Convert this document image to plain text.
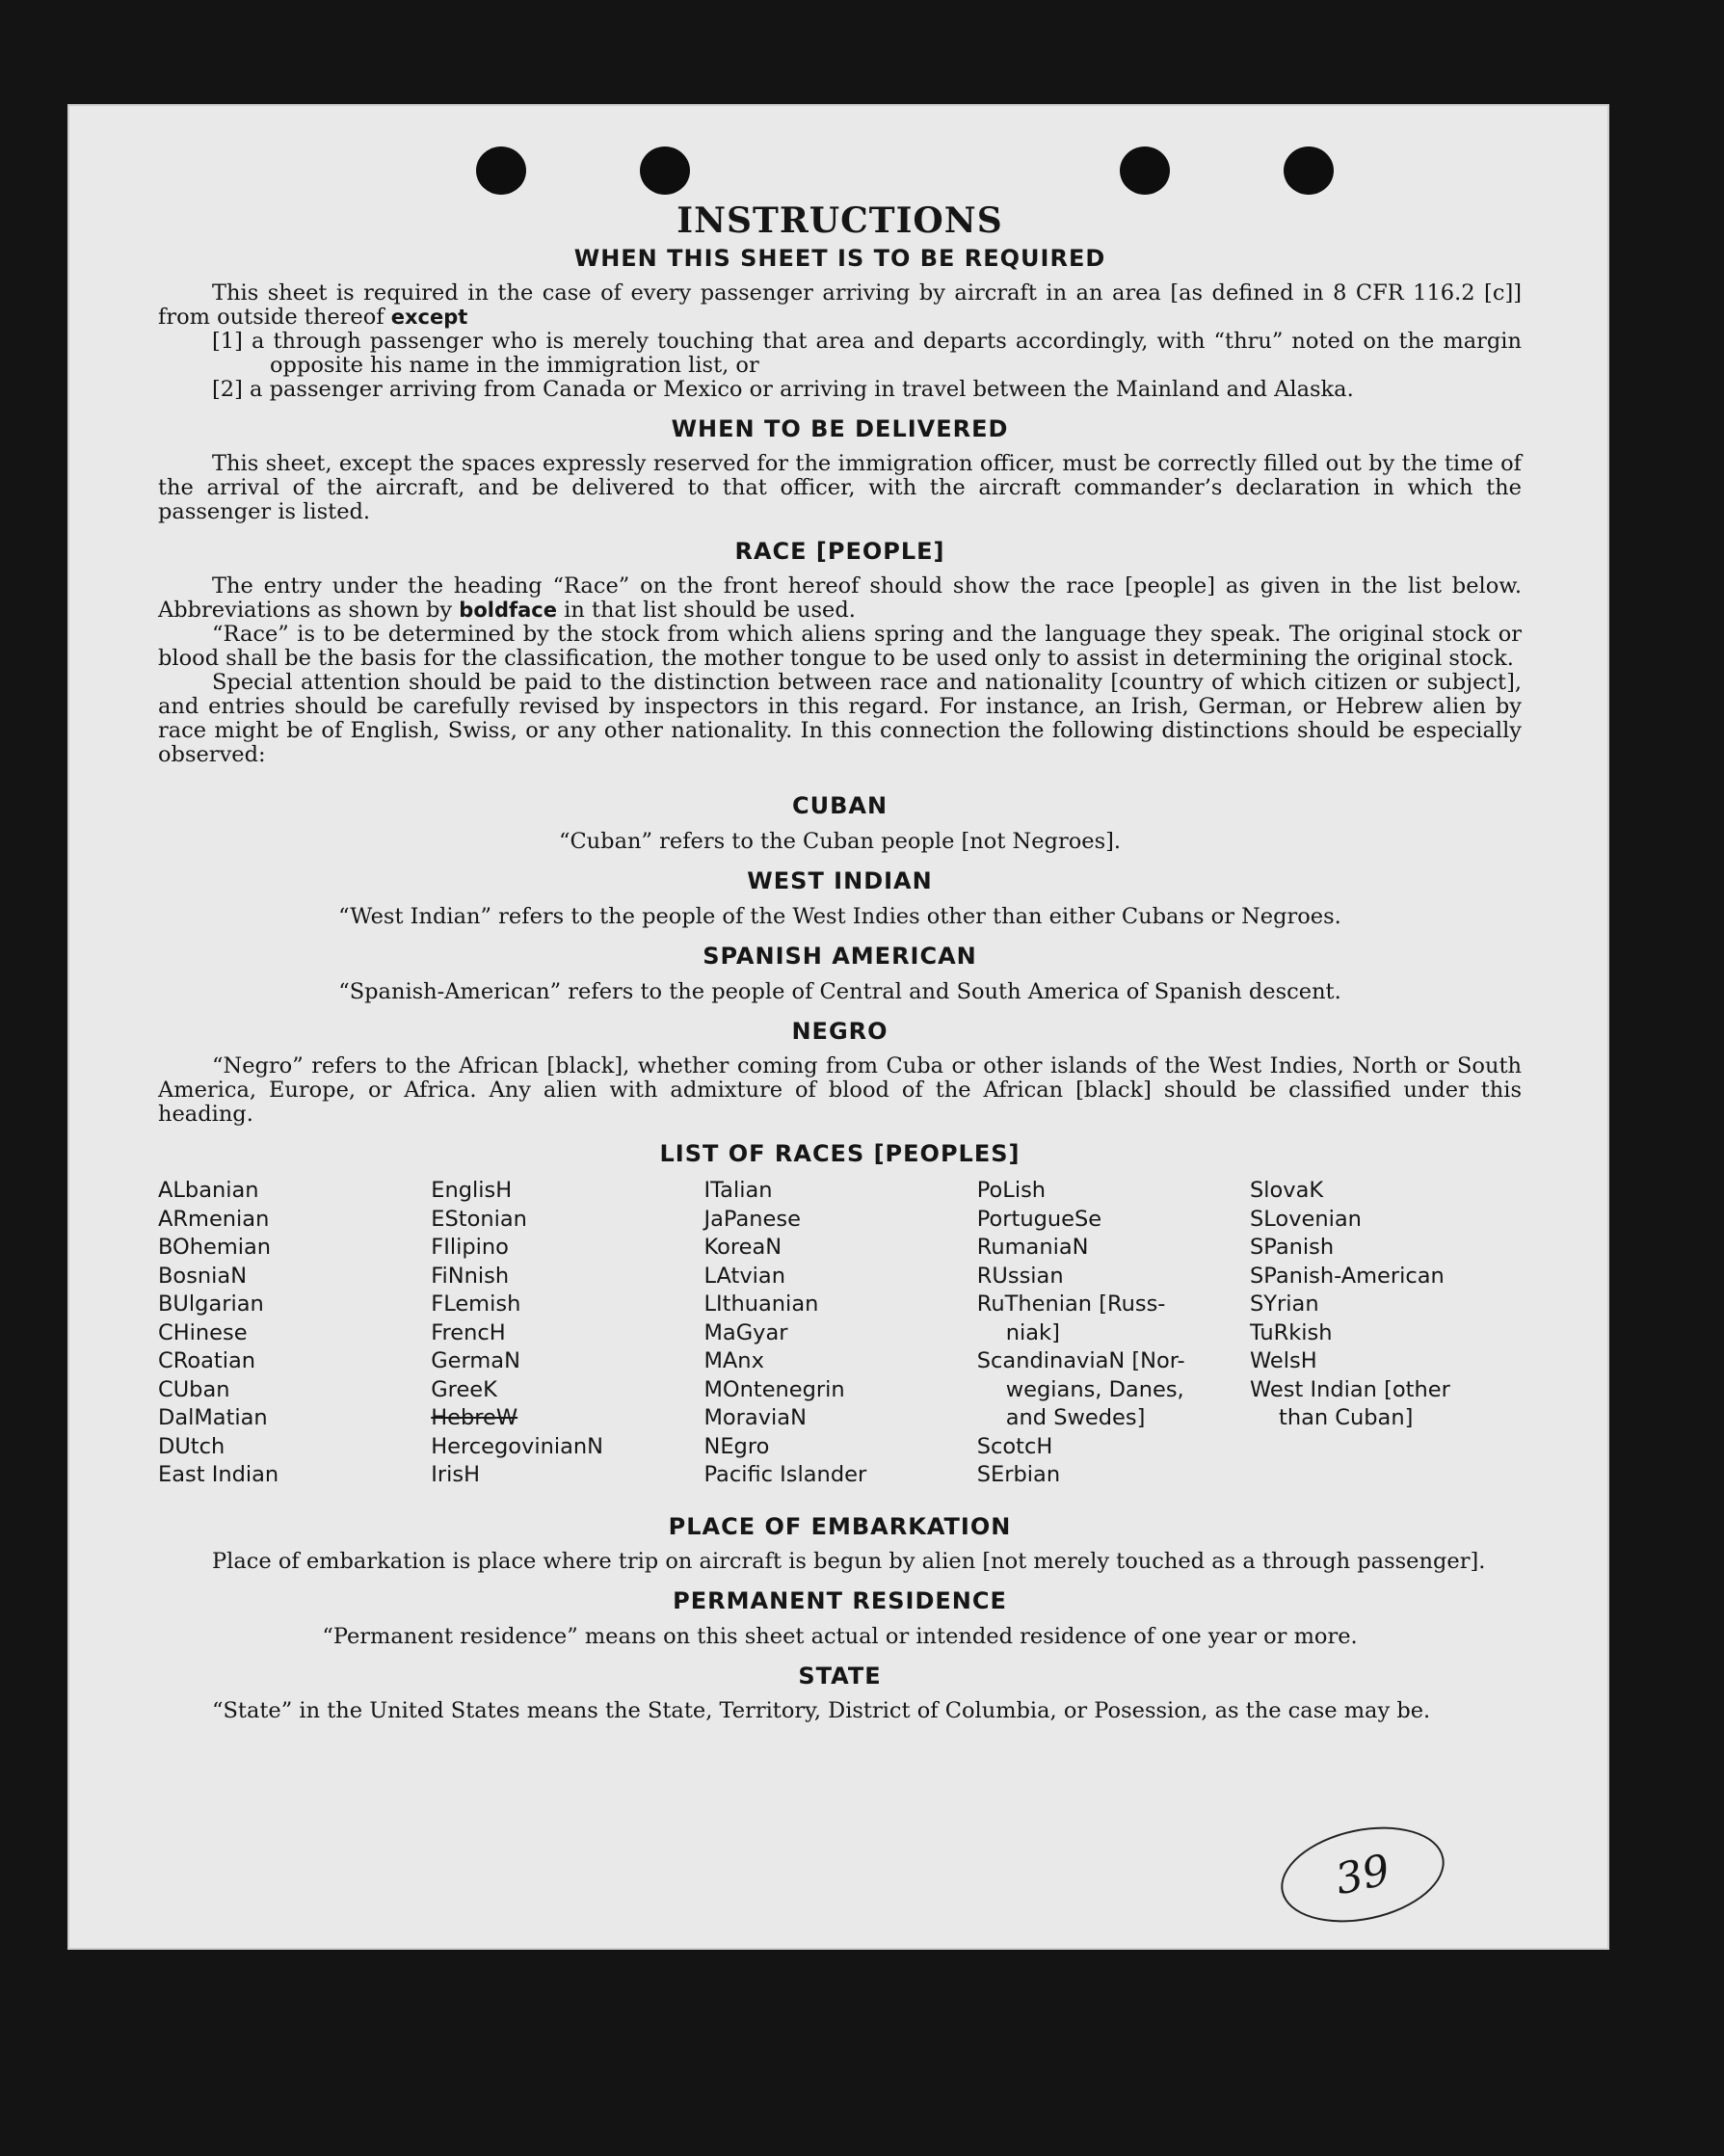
INSTRUCTIONS
WHEN THIS SHEET IS TO BE REQUIRED

This sheet is required in the case of every passenger arriving by aircraft in an area [as defined in 8 CFR 116.2 [c]] from outside thereof except

[1] a through passenger who is merely touching that area and departs accordingly, with “thru” noted on the margin opposite his name in the immigration list, or
[2] a passenger arriving from Canada or Mexico or arriving in travel between the Mainland and Alaska.
WHEN TO BE DELIVERED

This sheet, except the spaces expressly reserved for the immigration officer, must be correctly filled out by the time of the arrival of the aircraft, and be delivered to that officer, with the aircraft commander’s declaration in which the passenger is listed.

RACE [PEOPLE]

The entry under the heading “Race” on the front hereof should show the race [people] as given in the list below. Abbreviations as shown by boldface in that list should be used.

“Race” is to be determined by the stock from which aliens spring and the language they speak. The original stock or blood shall be the basis for the classification, the mother tongue to be used only to assist in determining the original stock.

Special attention should be paid to the distinction between race and nationality [country of which citizen or subject], and entries should be carefully revised by inspectors in this regard. For instance, an Irish, German, or Hebrew alien by race might be of English, Swiss, or any other nationality. In this connection the following distinctions should be especially observed:

CUBAN
“Cuban” refers to the Cuban people [not Negroes].
WEST INDIAN
“West Indian” refers to the people of the West Indies other than either Cubans or Negroes.
SPANISH AMERICAN
“Spanish-American” refers to the people of Central and South America of Spanish descent.
NEGRO

“Negro” refers to the African [black], whether coming from Cuba or other islands of the West Indies, North or South America, Europe, or Africa. Any alien with admixture of blood of the African [black] should be classified under this heading.

LIST OF RACES [PEOPLES]
ALbanian
ARmenian
BOhemian
BosniaN
BUlgarian
CHinese
CRoatian
CUban
DalMatian
DUtch
East Indian
EnglisH
EStonian
FIlipino
FiNnish
FLemish
FrencH
GermaN
GreeK
HebreW
HercegovinianN
IrisH
ITalian
JaPanese
KoreaN
LAtvian
LIthuanian
MaGyar
MAnx
MOntenegrin
MoraviaN
NEgro
Pacific Islander
PoLish
PortugueSe
RumaniaN
RUssian
RuThenian [Russ-
niak]
ScandinaviaN [Nor-
wegians, Danes,
and Swedes]
ScotcH
SErbian
SlovaK
SLovenian
SPanish
SPanish-American
SYrian
TuRkish
WelsH
West Indian [other
than Cuban]
PLACE OF EMBARKATION

Place of embarkation is place where trip on aircraft is begun by alien [not merely touched as a through passenger].

PERMANENT RESIDENCE
“Permanent residence” means on this sheet actual or intended residence of one year or more.
STATE

“State” in the United States means the State, Territory, District of Columbia, or Posession, as the case may be.

39
